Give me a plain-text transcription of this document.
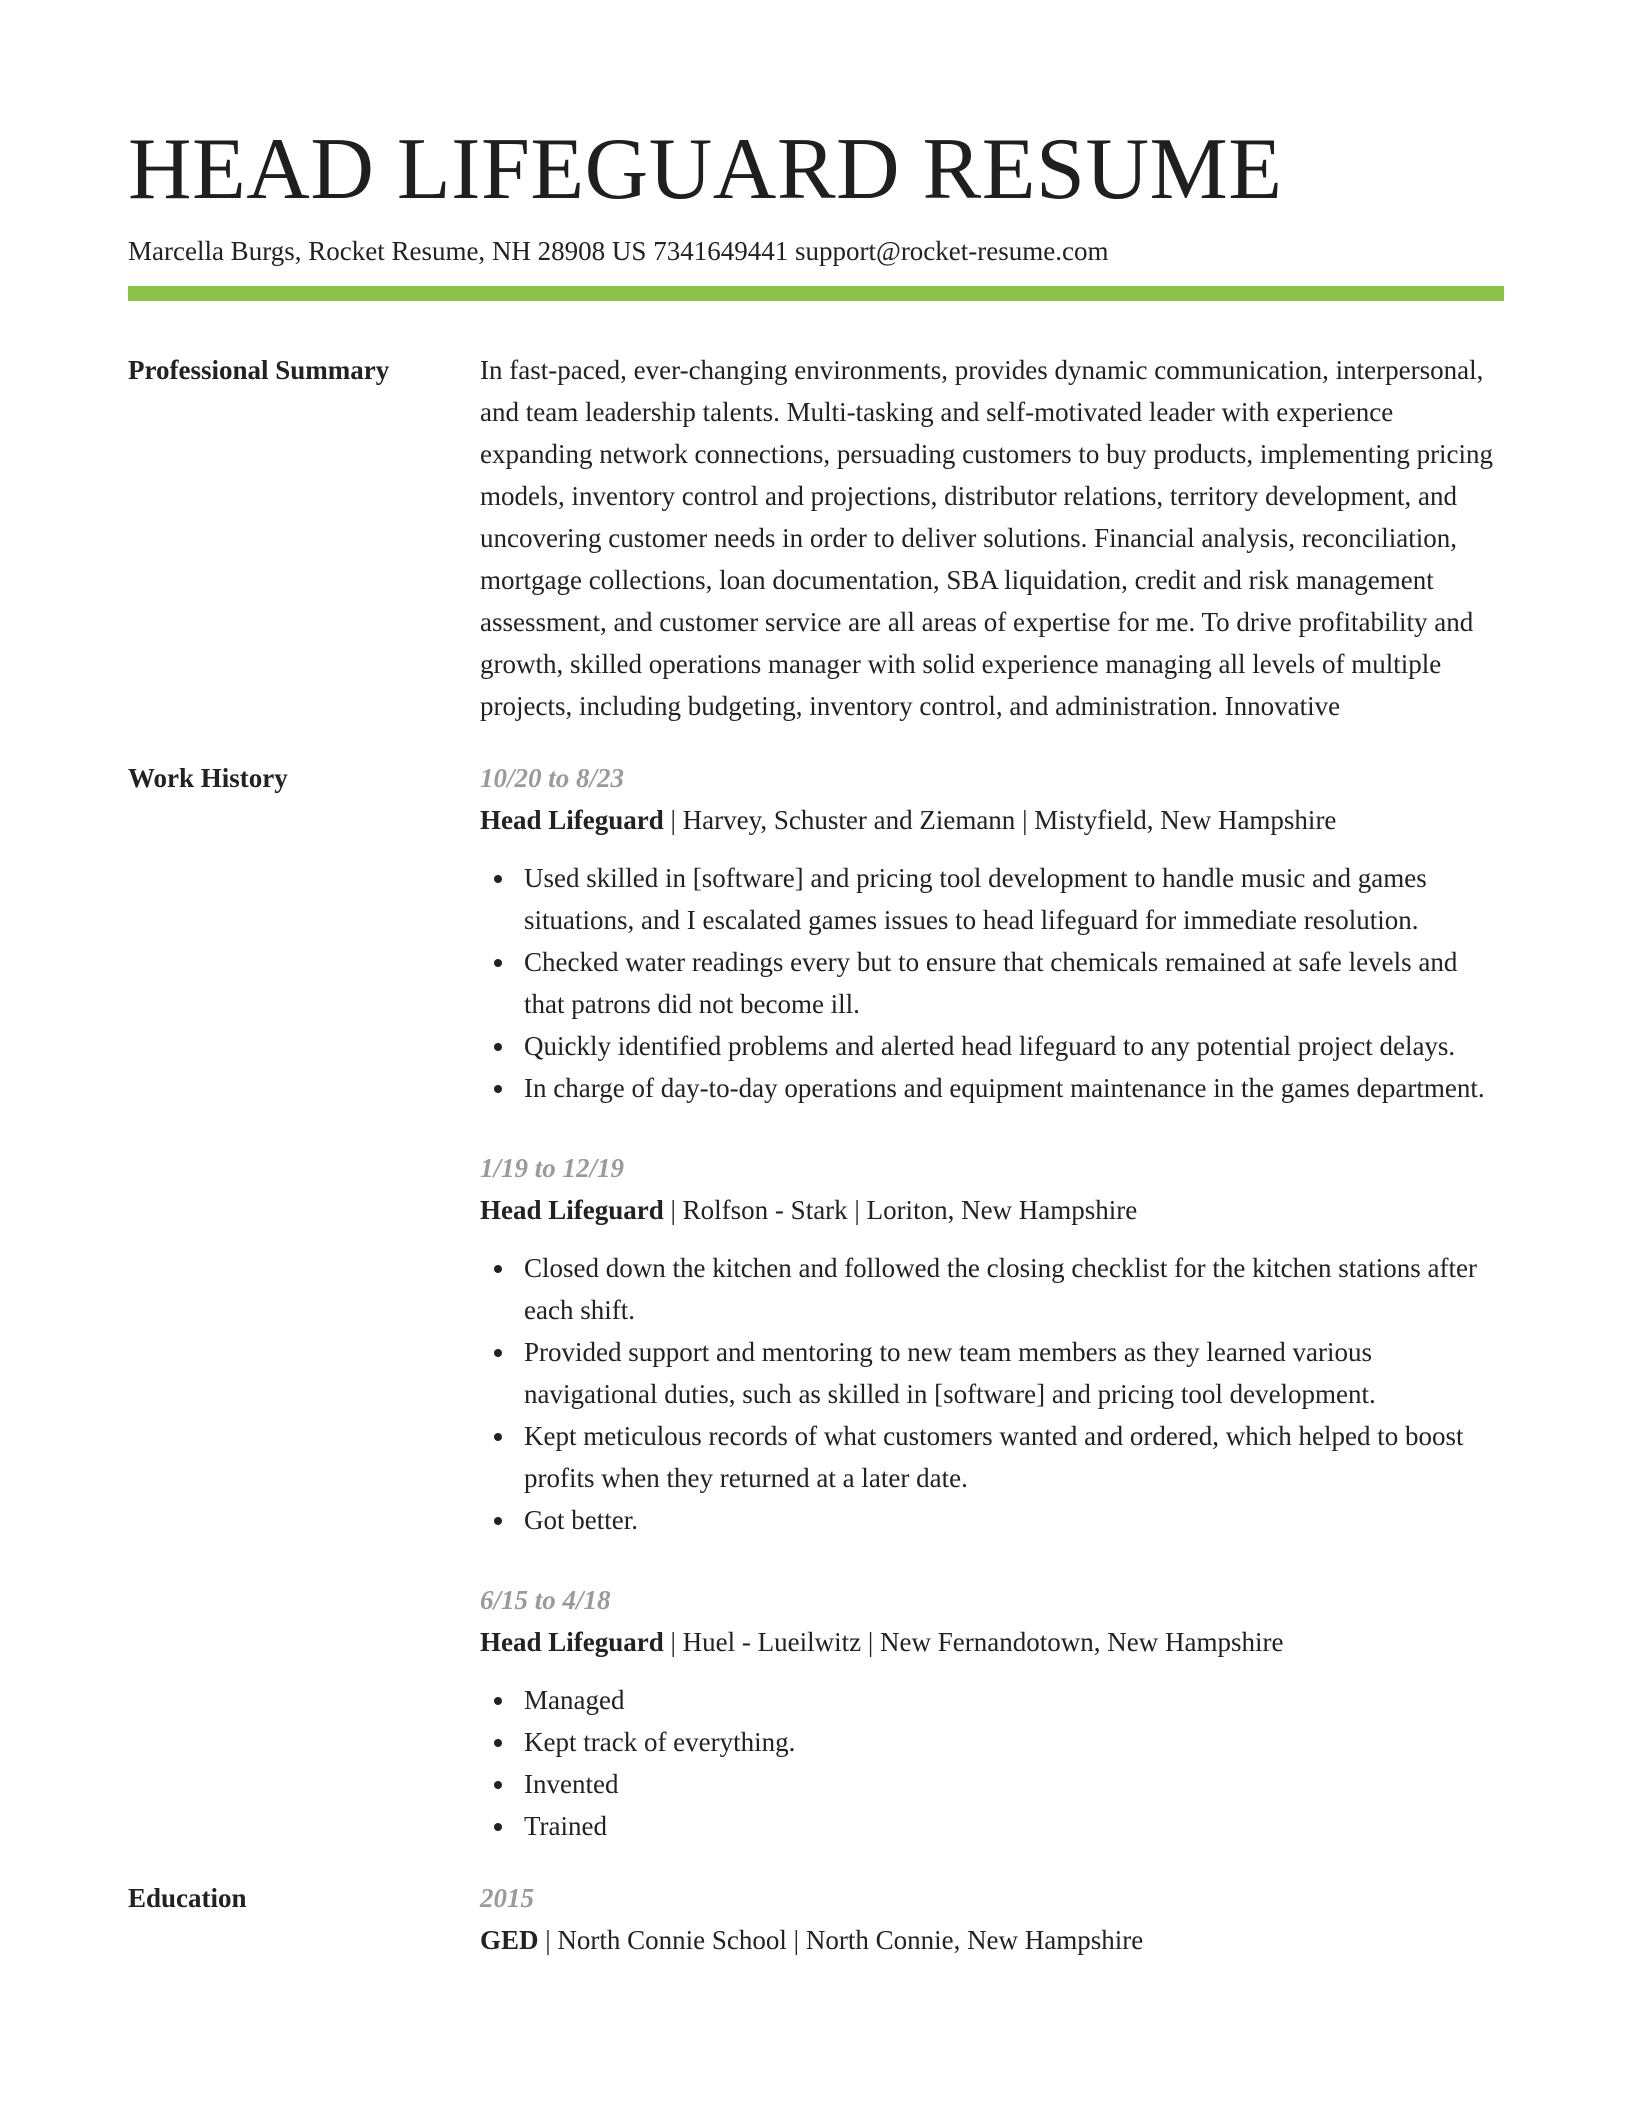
HEAD LIFEGUARD RESUME
Marcella Burgs, Rocket Resume, NH 28908 US 7341649441 support@rocket-resume.com
Professional Summary	In fast-paced, ever-changing environments, provides dynamic communication, interpersonal, and team leadership talents. Multi-tasking and self-motivated leader with experience expanding network connections, persuading customers to buy products, implementing pricing models, inventory control and projections, distributor relations, territory development, and uncovering customer needs in order to deliver solutions. Financial analysis, reconciliation, mortgage collections, loan documentation, SBA liquidation, credit and risk management assessment, and customer service are all areas of expertise for me. To drive profitability and growth, skilled operations manager with solid experience managing all levels of multiple projects, including budgeting, inventory control, and administration. Innovative

Work History	10/20 to 8/23
Head Lifeguard | Harvey, Schuster and Ziemann | Mistyfield, New Hampshire
Used skilled in [software] and pricing tool development to handle music and games situations, and I escalated games issues to head lifeguard for immediate resolution.
Checked water readings every but to ensure that chemicals remained at safe levels and that patrons did not become ill.
Quickly identified problems and alerted head lifeguard to any potential project delays.
In charge of day-to-day operations and equipment maintenance in the games department.
1/19 to 12/19
Head Lifeguard | Rolfson - Stark | Loriton, New Hampshire
Closed down the kitchen and followed the closing checklist for the kitchen stations after each shift.
Provided support and mentoring to new team members as they learned various navigational duties, such as skilled in [software] and pricing tool development.
Kept meticulous records of what customers wanted and ordered, which helped to boost profits when they returned at a later date.
Got better.
6/15 to 4/18
Head Lifeguard | Huel - Lueilwitz | New Fernandotown, New Hampshire
Managed
Kept track of everything.
Invented
Trained
Education	2015
GED | North Connie School | North Connie, New Hampshire
